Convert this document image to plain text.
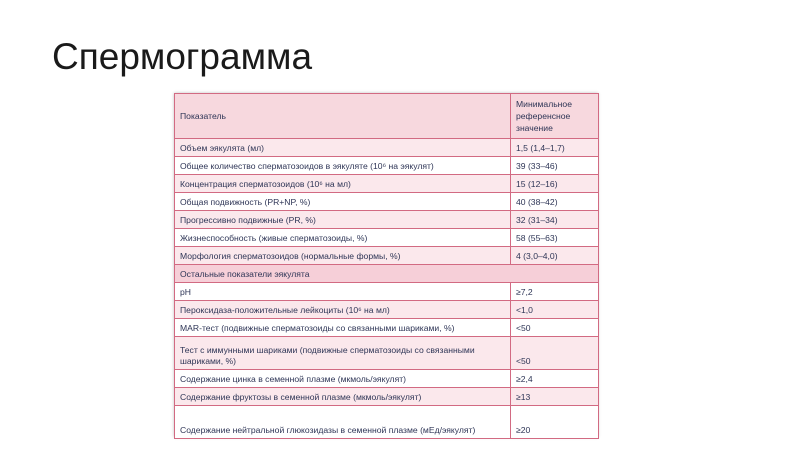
Спермограмма
Показатель	Минимальное референсное значение
Объем эякулята (мл)	1,5 (1,4–1,7)
Общее количество сперматозоидов в эякуляте (10⁶ на эякулят)	39 (33–46)
Концентрация сперматозоидов (10⁶ на мл)	15 (12–16)
Общая подвижность (PR+NP, %)	40 (38–42)
Прогрессивно подвижные (PR, %)	32 (31–34)
Жизнеспособность (живые сперматозоиды, %)	58 (55–63)
Морфология сперматозоидов (нормальные формы, %)	4 (3,0–4,0)
Остальные показатели эякулята	
pH	≥7,2
Пероксидаза-положительные лейкоциты (10⁶ на мл)	<1,0
MAR-тест (подвижные сперматозоиды со связанными шариками, %)	<50
Тест с иммунными шариками (подвижные сперматозоиды со связанными шариками, %)	<50
Содержание цинка в семенной плазме (мкмоль/эякулят)	≥2,4
Содержание фруктозы в семенной плазме (мкмоль/эякулят)	≥13
Содержание нейтральной глюкозидазы в семенной плазме (мЕд/эякулят)	≥20
